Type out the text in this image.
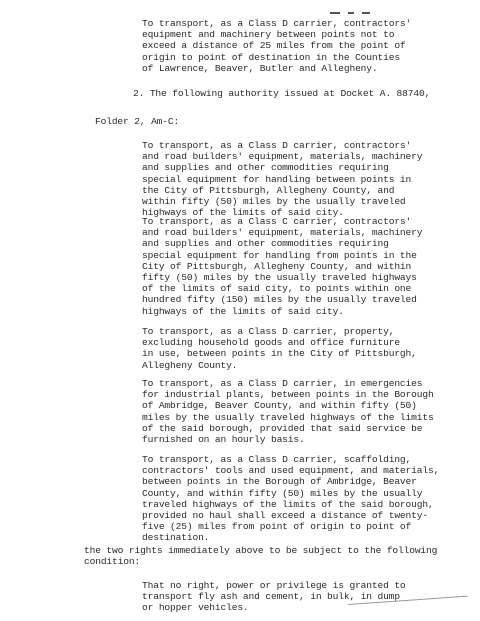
To transport, as a Class D carrier, contractors'
equipment and machinery between points not to
exceed a distance of 25 miles from the point of
origin to point of destination in the Counties
of Lawrence, Beaver, Butler and Allegheny.

2. The following authority issued at Docket A. 88740,

Folder 2, Am-C:

To transport, as a Class D carrier, contractors'
and road builders' equipment, materials, machinery
and supplies and other commodities requiring
special equipment for handling between points in
the City of Pittsburgh, Allegheny County, and
within fifty (50) miles by the usually traveled
highways of the limits of said city.

To transport, as a Class C carrier, contractors'
and road builders' equipment, materials, machinery
and supplies and other commodities requiring
special equipment for handling from points in the
City of Pittsburgh, Allegheny County, and within
fifty (50) miles by the usually traveled highways
of the limits of said city, to points within one
hundred fifty (150) miles by the usually traveled
highways of the limits of said city.

To transport, as a Class D carrier, property,
excluding household goods and office furniture
in use, between points in the City of Pittsburgh,
Allegheny County.

To transport, as a Class D carrier, in emergencies
for industrial plants, between points in the Borough
of Ambridge, Beaver County, and within fifty (50)
miles by the usually traveled highways of the limits
of the said borough, provided that said service be
furnished on an hourly basis.

To transport, as a Class D carrier, scaffolding,
contractors' tools and used equipment, and materials,
between points in the Borough of Ambridge, Beaver
County, and within fifty (50) miles by the usually
traveled highways of the limits of the said borough,
provided no haul shall exceed a distance of twenty-
five (25) miles from point of origin to point of
destination.

the two rights immediately above to be subject to the following
condition:

That no right, power or privilege is granted to
transport fly ash and cement, in bulk, in dump
or hopper vehicles.
